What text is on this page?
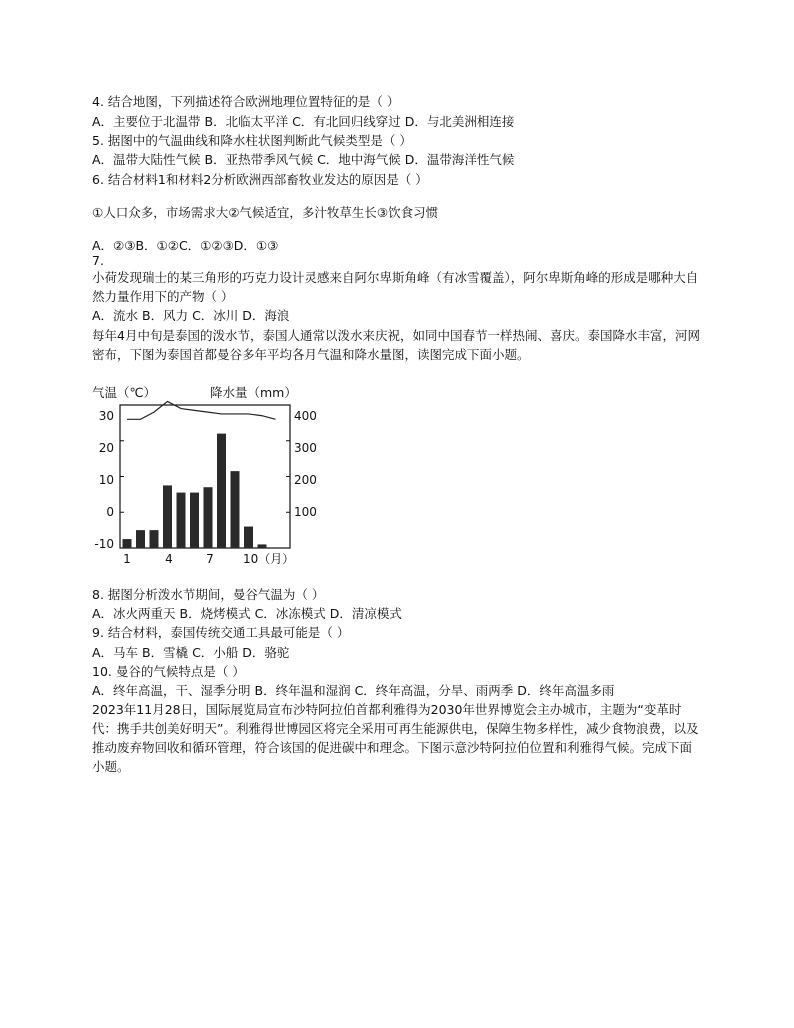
4. 结合地图，下列描述符合欧洲地理位置特征的是（ ）
A．主要位于北温带 B．北临太平洋 C．有北回归线穿过 D．与北美洲相连接
5. 据图中的气温曲线和降水柱状图判断此气候类型是（ ）
A．温带大陆性气候 B．亚热带季风气候 C．地中海气候 D．温带海洋性气候
6. 结合材料1和材料2分析欧洲西部畜牧业发达的原因是（ ）
①人口众多，市场需求大②气候适宜，多汁牧草生长③饮食习惯
A．②③B．①②C．①②③D．①③
7.
小荷发现瑞士的某三角形的巧克力设计灵感来自阿尔卑斯角峰（有冰雪覆盖），阿尔卑斯角峰的形成是哪种大自然力量作用下的产物（ ）
A．流水 B．风力 C．冰川 D．海浪
每年4月中旬是泰国的泼水节，泰国人通常以泼水来庆祝，如同中国春节一样热闹、喜庆。泰国降水丰富，河网密布，下图为泰国首都曼谷多年平均各月气温和降水量图，读图完成下面小题。
气温（℃）	降水量（mm）
30
20
10
0
-10
400
300
200
100
1	4	7 10（月）
8. 据图分析泼水节期间，曼谷气温为（ ）
A．冰火两重天 B．烧烤模式 C．冰冻模式 D．清凉模式
9. 结合材料，泰国传统交通工具最可能是（ ）
A．马车 B．雪橇 C．小船 D．骆驼
10. 曼谷的气候特点是（ ）
A．终年高温，干、湿季分明 B．终年温和湿润 C．终年高温，分旱、雨两季 D．终年高温多雨
2023年11月28日，国际展览局宣布沙特阿拉伯首都利雅得为2030年世界博览会主办城市，主题为“变革时代：携手共创美好明天”。利雅得世博园区将完全采用可再生能源供电，保障生物多样性，减少食物浪费，以及推动废弃物回收和循环管理，符合该国的促进碳中和理念。下图示意沙特阿拉伯位置和利雅得气候。完成下面小题。
